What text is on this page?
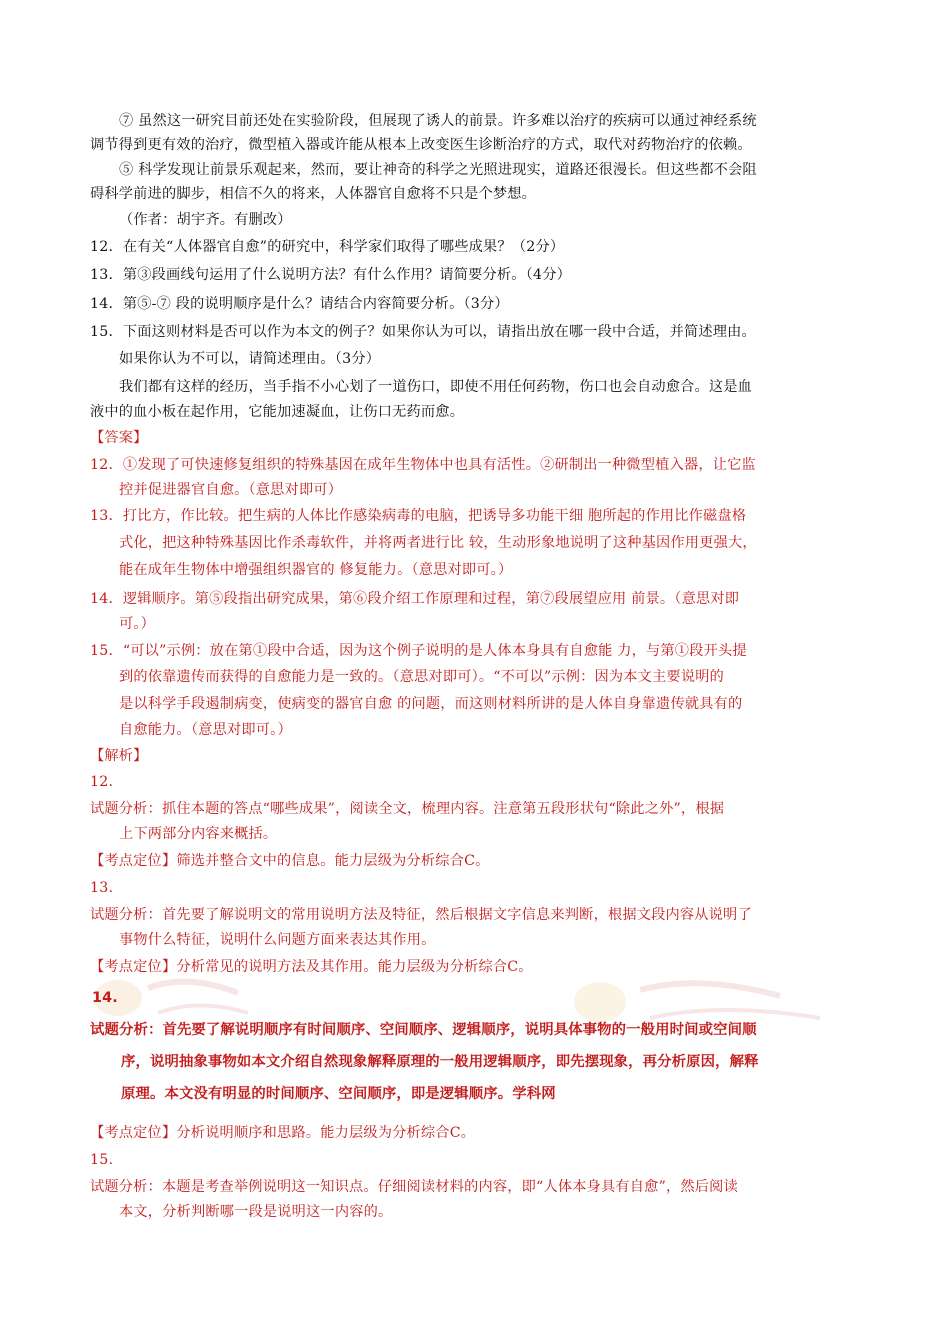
⑦ 虽然这一研究目前还处在实验阶段，但展现了诱人的前景。许多难以治疗的疾病可以通过神经系统
调节得到更有效的治疗，微型植入器或许能从根本上改变医生诊断治疗的方式，取代对药物治疗的依赖。
⑤ 科学发现让前景乐观起来，然而，要让神奇的科学之光照进现实，道路还很漫长。但这些都不会阻
碍科学前进的脚步，相信不久的将来，人体器官自愈将不只是个梦想。
（作者：胡宇齐。有删改）
12．在有关“人体器官自愈”的研究中，科学家们取得了哪些成果？（2分）
13．第③段画线句运用了什么说明方法？有什么作用？请简要分析。（4分）
14．第⑤-⑦ 段的说明顺序是什么？请结合内容简要分析。（3分）
15．下面这则材料是否可以作为本文的例子？如果你认为可以，请指出放在哪一段中合适，并简述理由。
如果你认为不可以，请简述理由。（3分）
我们都有这样的经历，当手指不小心划了一道伤口，即使不用任何药物，伤口也会自动愈合。这是血
液中的血小板在起作用，它能加速凝血，让伤口无药而愈。
【答案】
12．①发现了可快速修复组织的特殊基因在成年生物体中也具有活性。②研制出一种微型植入器，让它监
控并促进器官自愈。（意思对即可）
13．打比方，作比较。把生病的人体比作感染病毒的电脑，把诱导多功能干细 胞所起的作用比作磁盘格
式化，把这种特殊基因比作杀毒软件，并将两者进行比 较，生动形象地说明了这种基因作用更强大，
能在成年生物体中增强组织器官的 修复能力。（意思对即可。）
14．逻辑顺序。第⑤段指出研究成果，第⑥段介绍工作原理和过程，第⑦段展望应用 前景。（意思对即
可。）
15．“可以”示例：放在第①段中合适，因为这个例子说明的是人体本身具有自愈能 力，与第①段开头提
到的依靠遗传而获得的自愈能力是一致的。（意思对即可）。“不可以”示例：因为本文主要说明的
是以科学手段遏制病变，使病变的器官自愈 的问题，而这则材料所讲的是人体自身靠遗传就具有的
自愈能力。（意思对即可。）
【解析】
12.
试题分析：抓住本题的答点“哪些成果”，阅读全文，梳理内容。注意第五段形状句“除此之外”，根据
上下两部分内容来概括。
【考点定位】筛选并整合文中的信息。能力层级为分析综合C。
13.
试题分析：首先要了解说明文的常用说明方法及特征，然后根据文字信息来判断，根据文段内容从说明了
事物什么特征，说明什么问题方面来表达其作用。
【考点定位】分析常见的说明方法及其作用。能力层级为分析综合C。
14.
试题分析：首先要了解说明顺序有时间顺序、空间顺序、逻辑顺序，说明具体事物的一般用时间或空间顺
序，说明抽象事物如本文介绍自然现象解释原理的一般用逻辑顺序，即先摆现象，再分析原因，解释
原理。本文没有明显的时间顺序、空间顺序，即是逻辑顺序。学科网
【考点定位】分析说明顺序和思路。能力层级为分析综合C。
15.
试题分析：本题是考查举例说明这一知识点。仔细阅读材料的内容，即“人体本身具有自愈”，然后阅读
本文，分析判断哪一段是说明这一内容的。
